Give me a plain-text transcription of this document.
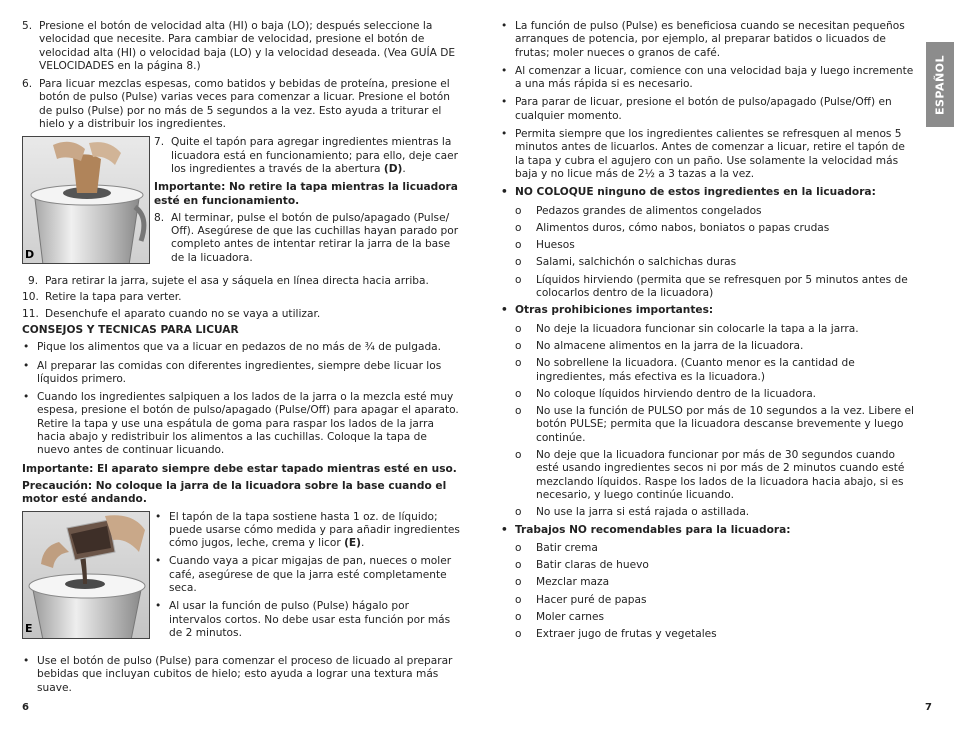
5. Presione el botón de velocidad alta (HI) o baja (LO); después seleccione la velocidad que necesite. Para cambiar de velocidad, presione el botón de velocidad alta (HI) o velocidad baja (LO) y la velocidad deseada. (Vea GUÍA DE VELOCIDADES en la página 8.)
6. Para licuar mezclas espesas, como batidos y bebidas de proteína, presione el botón de pulso (Pulse) varias veces para comenzar a licuar. Presione el botón de pulso (Pulse) por no más de 5 segundos a la vez. Esto ayuda a triturar el hielo y a distribuir los ingredientes.
D
7. Quite el tapón para agregar ingredientes mientras la licuadora está en funcionamiento; para ello, deje caer los ingredientes a través de la abertura (D).
Importante: No retire la tapa mientras la licuadora esté en funcionamiento.
8. Al terminar, pulse el botón de pulso/apagado (Pulse/ Off). Asegúrese de que las cuchillas hayan parado por completo antes de intentar retirar la jarra de la base de la licuadora.
9. Para retirar la jarra, sujete el asa y sáquela en línea directa hacia arriba.
10. Retire la tapa para verter.
11. Desenchufe el aparato cuando no se vaya a utilizar.
CONSEJOS Y TECNICAS PARA LICUAR
• Pique los alimentos que va a licuar en pedazos de no más de ¾ de pulgada.
• Al preparar las comidas con diferentes ingredientes, siempre debe licuar los líquidos primero.
• Cuando los ingredientes salpiquen a los lados de la jarra o la mezcla esté muy espesa, presione el botón de pulso/apagado (Pulse/Off) para apagar el aparato. Retire la tapa y use una espátula de goma para raspar los lados de la jarra hacia abajo y redistribuir los alimentos a las cuchillas. Coloque la tapa de nuevo antes de continuar licuando.
Importante: El aparato siempre debe estar tapado mientras esté en uso.
Precaución: No coloque la jarra de la licuadora sobre la base cuando el motor esté andando.
E
• El tapón de la tapa sostiene hasta 1 oz. de líquido; puede usarse cómo medida y para añadir ingredientes cómo jugos, leche, crema y licor (E).
• Cuando vaya a picar migajas de pan, nueces o moler café, asegúrese de que la jarra esté completamente seca.
• Al usar la función de pulso (Pulse) hágalo por intervalos cortos. No debe usar esta función por más de 2 minutos.
• Use el botón de pulso (Pulse) para comenzar el proceso de licuado al preparar bebidas que incluyan cubitos de hielo; esto ayuda a lograr una textura más suave.
• La función de pulso (Pulse) es beneficiosa cuando se necesitan pequeños arranques de potencia, por ejemplo, al preparar batidos o licuados de frutas; moler nueces o granos de café.
• Al comenzar a licuar, comience con una velocidad baja y luego incremente a una más rápida si es necesario.
• Para parar de licuar, presione el botón de pulso/apagado (Pulse/Off) en cualquier momento.
• Permita siempre que los ingredientes calientes se refresquen al menos 5 minutos antes de licuarlos. Antes de comenzar a licuar, retire el tapón de la tapa y cubra el agujero con un paño. Use solamente la velocidad más baja y no licue más de 2½ a 3 tazas a la vez.
• NO COLOQUE ninguno de estos ingredientes en la licuadora:
o	Pedazos grandes de alimentos congelados
o	Alimentos duros, cómo nabos, boniatos o papas crudas
o	Huesos
o	Salami, salchichón o salchichas duras
o	Líquidos hirviendo (permita que se refresquen por 5 minutos antes de colocarlos dentro de la licuadora)
• Otras prohibiciones importantes:
o	No deje la licuadora funcionar sin colocarle la tapa a la jarra.
o	No almacene alimentos en la jarra de la licuadora.
o	No sobrellene la licuadora. (Cuanto menor es la cantidad de ingredientes, más efectiva es la licuadora.)
o	No coloque líquidos hirviendo dentro de la licuadora.
o	No use la función de PULSO por más de 10 segundos a la vez. Libere el botón PULSE; permita que la licuadora descanse brevemente y luego continúe.
o	No deje que la licuadora funcionar por más de 30 segundos cuando esté usando ingredientes secos ni por más de 2 minutos cuando esté mezclando líquidos. Raspe los lados de la licuadora hacia abajo, si es necesario, y luego continúe licuando.
o	No use la jarra si está rajada o astillada.
• Trabajos NO recomendables para la licuadora:
o	Batir crema
o	Batir claras de huevo
o	Mezclar maza
o	Hacer puré de papas
o	Moler carnes
o	Extraer jugo de frutas y vegetales
ESPAÑOL
6	7
